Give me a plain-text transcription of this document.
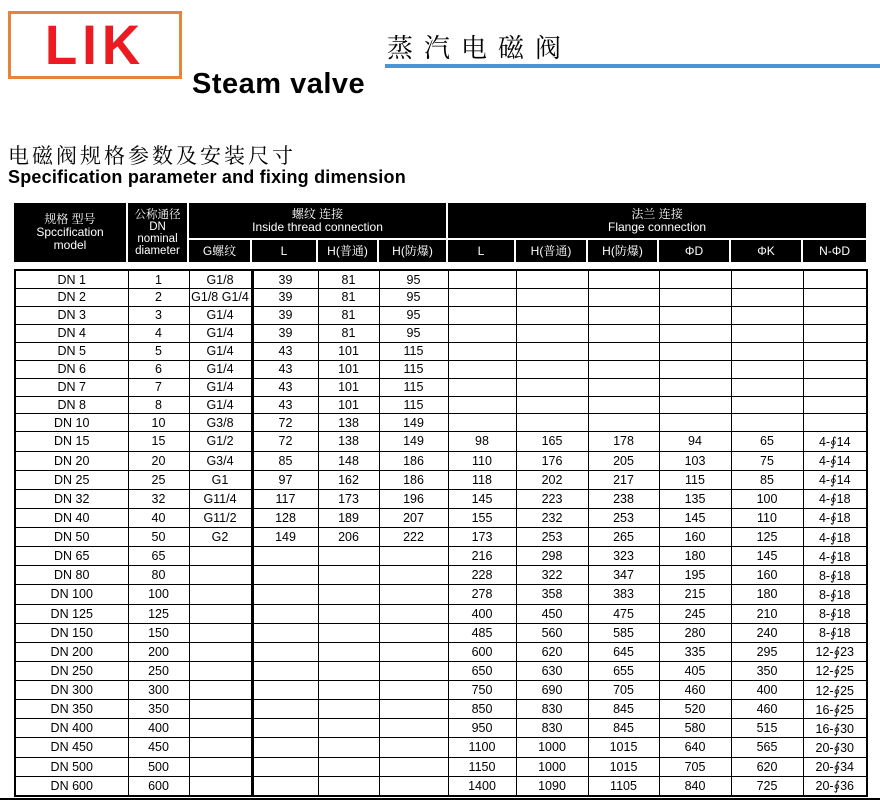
LIK
Steam valve
蒸汽电磁阀
电磁阀规格参数及安装尺寸
Specification parameter and fixing dimension
规格 型号
Spccification
model

公称通径
DN
nominal
diameter

螺纹 连接
Inside thread connection

法兰 连接
Flange connection

		G螺纹	L	H(普通)	H(防爆)	L	H(普通)	H(防爆)	ΦD	ΦK	N-ΦD
DN 1	1	G1/8	39	81	95						
DN 2	2	G1/8 G1/4	39	81	95						
DN 3	3	G1/4	39	81	95						
DN 4	4	G1/4	39	81	95						
DN 5	5	G1/4	43	101	115						
DN 6	6	G1/4	43	101	115						
DN 7	7	G1/4	43	101	115						
DN 8	8	G1/4	43	101	115						
DN 10	10	G3/8	72	138	149						
DN 15	15	G1/2	72	138	149	98	165	178	94	65	4-∮14
DN 20	20	G3/4	85	148	186	110	176	205	103	75	4-∮14
DN 25	25	G1	97	162	186	118	202	217	115	85	4-∮14
DN 32	32	G11/4	117	173	196	145	223	238	135	100	4-∮18
DN 40	40	G11/2	128	189	207	155	232	253	145	110	4-∮18
DN 50	50	G2	149	206	222	173	253	265	160	125	4-∮18
DN 65	65					216	298	323	180	145	4-∮18
DN 80	80					228	322	347	195	160	8-∮18
DN 100	100					278	358	383	215	180	8-∮18
DN 125	125					400	450	475	245	210	8-∮18
DN 150	150					485	560	585	280	240	8-∮18
DN 200	200					600	620	645	335	295	12-∮23
DN 250	250					650	630	655	405	350	12-∮25
DN 300	300					750	690	705	460	400	12-∮25
DN 350	350					850	830	845	520	460	16-∮25
DN 400	400					950	830	845	580	515	16-∮30
DN 450	450					1100	1000	1015	640	565	20-∮30
DN 500	500					1150	1000	1015	705	620	20-∮34
DN 600	600					1400	1090	1105	840	725	20-∮36
